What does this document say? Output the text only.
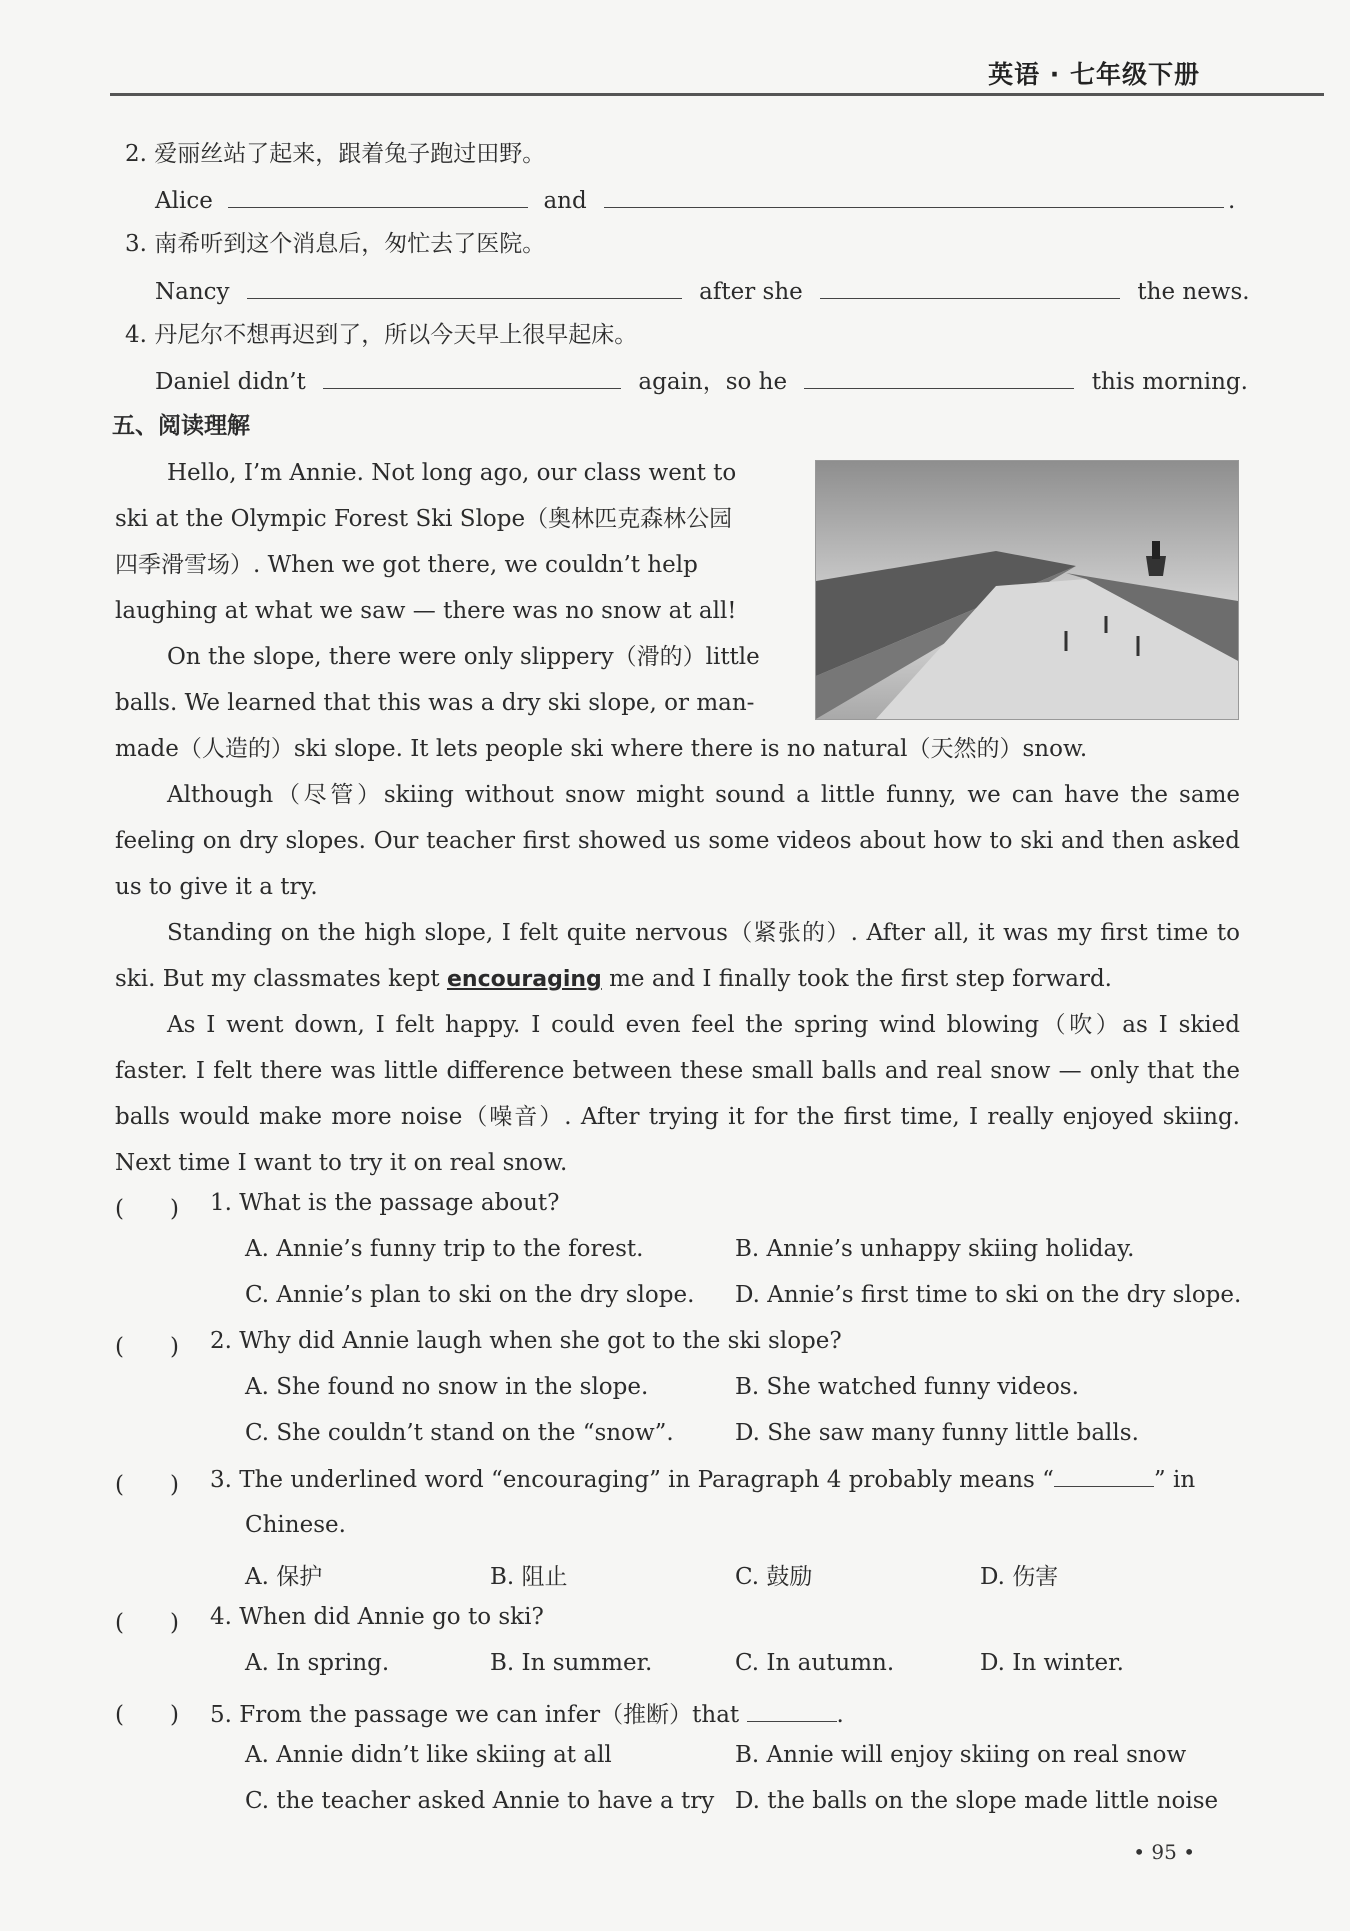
英语 · 七年级下册
2. 爱丽丝站了起来，跟着兔子跑过田野。
Alice	and	.
3. 南希听到这个消息后，匆忙去了医院。
Nancy	after she	the news.
4. 丹尼尔不想再迟到了，所以今天早上很早起床。
Daniel didn’t	again，so he	this morning.
五、阅读理解
Hello, I’m Annie. Not long ago, our class went to
ski at the Olympic Forest Ski Slope（奥林匹克森林公园
四季滑雪场）. When we got there, we couldn’t help
laughing at what we saw — there was no snow at all!
On the slope, there were only slippery（滑的）little
balls. We learned that this was a dry ski slope, or man-
made（人造的）ski slope. It lets people ski where there is no natural（天然的）snow.
Although（尽管）skiing without snow might sound a little funny, we can have the same feeling on dry slopes. Our teacher first showed us some videos about how to ski and then asked us to give it a try.
Standing on the high slope, I felt quite nervous（紧张的）. After all, it was my first time to ski. But my classmates kept encouraging me and I finally took the first step forward.
As I went down, I felt happy. I could even feel the spring wind blowing（吹）as I skied faster. I felt there was little difference between these small balls and real snow — only that the balls would make more noise（噪音）. After trying it for the first time, I really enjoyed skiing. Next time I want to try it on real snow.
(　　) 1. What is the passage about?
A. Annie’s funny trip to the forest.	B. Annie’s unhappy skiing holiday.
C. Annie’s plan to ski on the dry slope. D. Annie’s first time to ski on the dry slope.
(　　) 2. Why did Annie laugh when she got to the ski slope?
A. She found no snow in the slope.	B. She watched funny videos.
C. She couldn’t stand on the “snow”.	D. She saw many funny little balls.
(　　) 3. The underlined word “encouraging” in Paragraph 4 probably means “	” in
Chinese.
A. 保护	B. 阻止	C. 鼓励	D. 伤害
(　　) 4. When did Annie go to ski?
A. In spring.	B. In summer.	C. In autumn.	D. In winter.
(　　) 5. From the passage we can infer（推断）that	.
A. Annie didn’t like skiing at all	B. Annie will enjoy skiing on real snow
C. the teacher asked Annie to have a try D. the balls on the slope made little noise
• 95 •
